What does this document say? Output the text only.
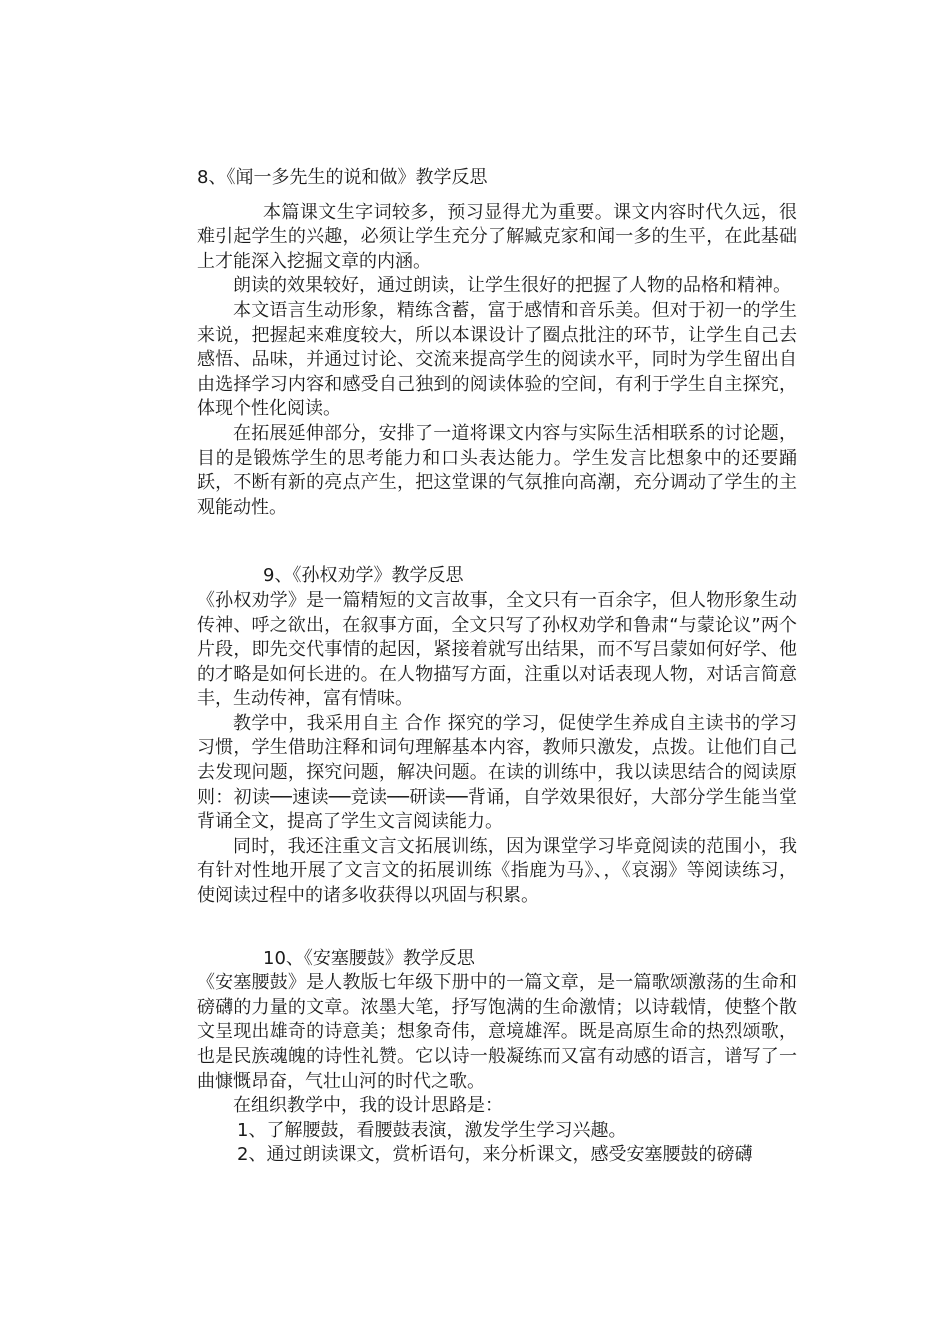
8、《闻一多先生的说和做》教学反思

本篇课文生字词较多，预习显得尤为重要。课文内容时代久远，很难引起学生的兴趣，必须让学生充分了解臧克家和闻一多的生平，在此基础上才能深入挖掘文章的内涵。

朗读的效果较好，通过朗读，让学生很好的把握了人物的品格和精神。

本文语言生动形象，精练含蓄，富于感情和音乐美。但对于初一的学生来说，把握起来难度较大，所以本课设计了圈点批注的环节，让学生自己去感悟、品味，并通过讨论、交流来提高学生的阅读水平，同时为学生留出自由选择学习内容和感受自己独到的阅读体验的空间，有利于学生自主探究，体现个性化阅读。

在拓展延伸部分，安排了一道将课文内容与实际生活相联系的讨论题，目的是锻炼学生的思考能力和口头表达能力。学生发言比想象中的还要踊跃，不断有新的亮点产生，把这堂课的气氛推向高潮，充分调动了学生的主观能动性。

9、《孙权劝学》教学反思

《孙权劝学》是一篇精短的文言故事，全文只有一百余字，但人物形象生动传神、呼之欲出，在叙事方面，全文只写了孙权劝学和鲁肃“与蒙论议”两个片段，即先交代事情的起因，紧接着就写出结果，而不写吕蒙如何好学、他的才略是如何长进的。在人物描写方面，注重以对话表现人物，对话言简意丰，生动传神，富有情味。

教学中，我采用自主 合作 探究的学习，促使学生养成自主读书的学习习惯，学生借助注释和词句理解基本内容，教师只激发，点拨。让他们自己去发现问题，探究问题，解决问题。在读的训练中，我以读思结合的阅读原则：初读──速读──竞读──研读──背诵，自学效果很好，大部分学生能当堂背诵全文，提高了学生文言阅读能力。

同时，我还注重文言文拓展训练，因为课堂学习毕竟阅读的范围小，我有针对性地开展了文言文的拓展训练《指鹿为马》、，《哀溺》等阅读练习，使阅读过程中的诸多收获得以巩固与积累。

10、《安塞腰鼓》教学反思

《安塞腰鼓》是人教版七年级下册中的一篇文章，是一篇歌颂激荡的生命和磅礴的力量的文章。浓墨大笔，抒写饱满的生命激情；以诗载情，使整个散文呈现出雄奇的诗意美；想象奇伟，意境雄浑。既是高原生命的热烈颂歌，也是民族魂魄的诗性礼赞。它以诗一般凝练而又富有动感的语言，谱写了一曲慷慨昂奋，气壮山河的时代之歌。

在组织教学中，我的设计思路是：

1、了解腰鼓，看腰鼓表演，激发学生学习兴趣。

2、通过朗读课文，赏析语句，来分析课文，感受安塞腰鼓的磅礴
